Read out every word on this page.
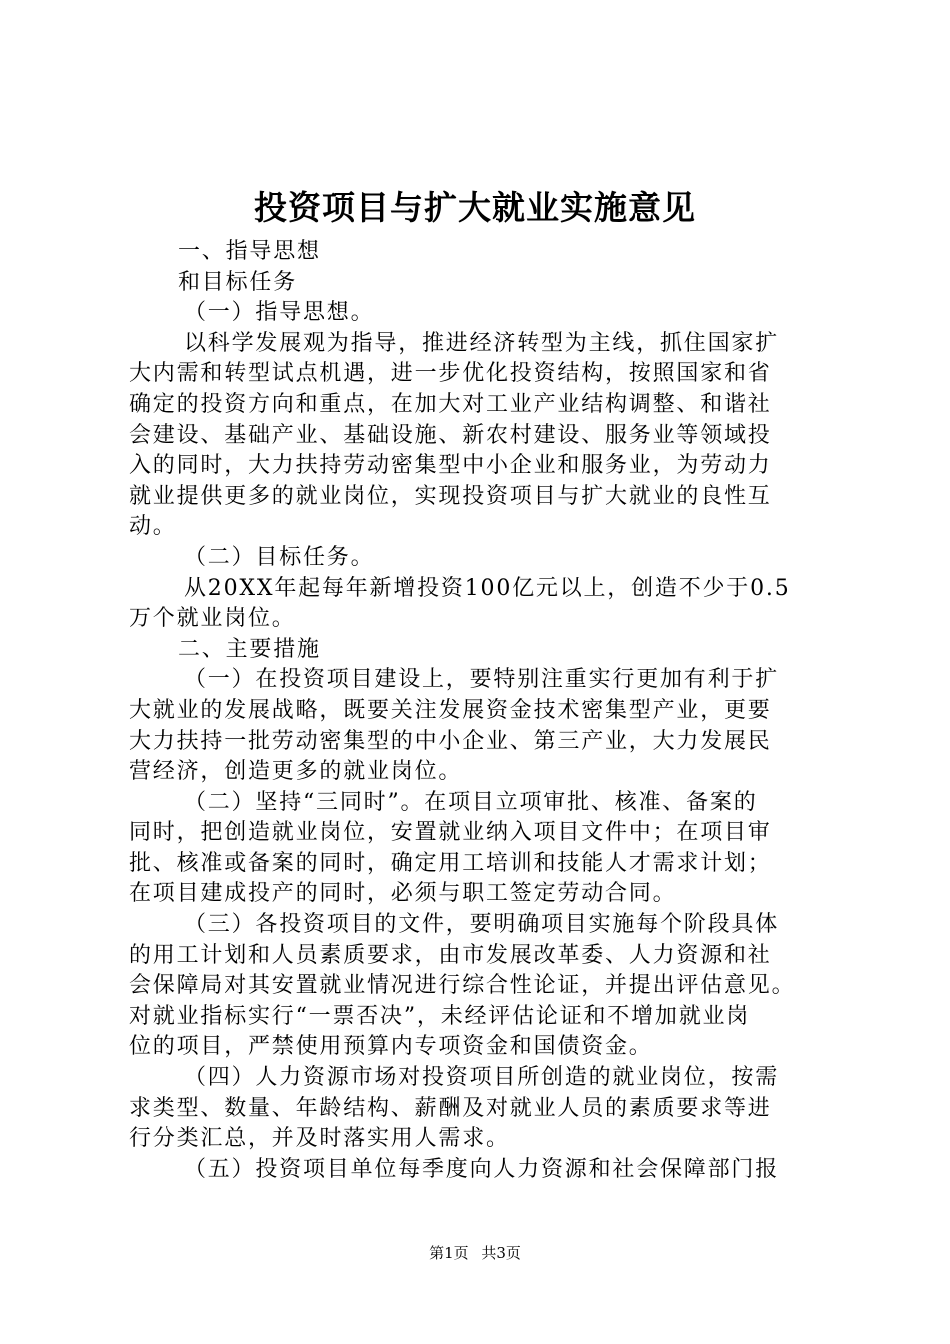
投资项目与扩大就业实施意见

一、指导思想

和目标任务

（一）指导思想。

以科学发展观为指导，推进经济转型为主线，抓住国家扩

大内需和转型试点机遇，进一步优化投资结构，按照国家和省

确定的投资方向和重点，在加大对工业产业结构调整、和谐社

会建设、基础产业、基础设施、新农村建设、服务业等领域投

入的同时，大力扶持劳动密集型中小企业和服务业，为劳动力

就业提供更多的就业岗位，实现投资项目与扩大就业的良性互

动。

（二）目标任务。

从20XX年起每年新增投资100亿元以上，创造不少于0.5

万个就业岗位。

二、主要措施

（一）在投资项目建设上，要特别注重实行更加有利于扩

大就业的发展战略，既要关注发展资金技术密集型产业，更要

大力扶持一批劳动密集型的中小企业、第三产业，大力发展民

营经济，创造更多的就业岗位。

（二）坚持“三同时”。在项目立项审批、核准、备案的

同时，把创造就业岗位，安置就业纳入项目文件中；在项目审

批、核准或备案的同时，确定用工培训和技能人才需求计划；

在项目建成投产的同时，必须与职工签定劳动合同。

（三）各投资项目的文件，要明确项目实施每个阶段具体

的用工计划和人员素质要求，由市发展改革委、人力资源和社

会保障局对其安置就业情况进行综合性论证，并提出评估意见。

对就业指标实行“一票否决”，未经评估论证和不增加就业岗

位的项目，严禁使用预算内专项资金和国债资金。

（四）人力资源市场对投资项目所创造的就业岗位，按需

求类型、数量、年龄结构、薪酬及对就业人员的素质要求等进

行分类汇总，并及时落实用人需求。

（五）投资项目单位每季度向人力资源和社会保障部门报

第1页 共3页
